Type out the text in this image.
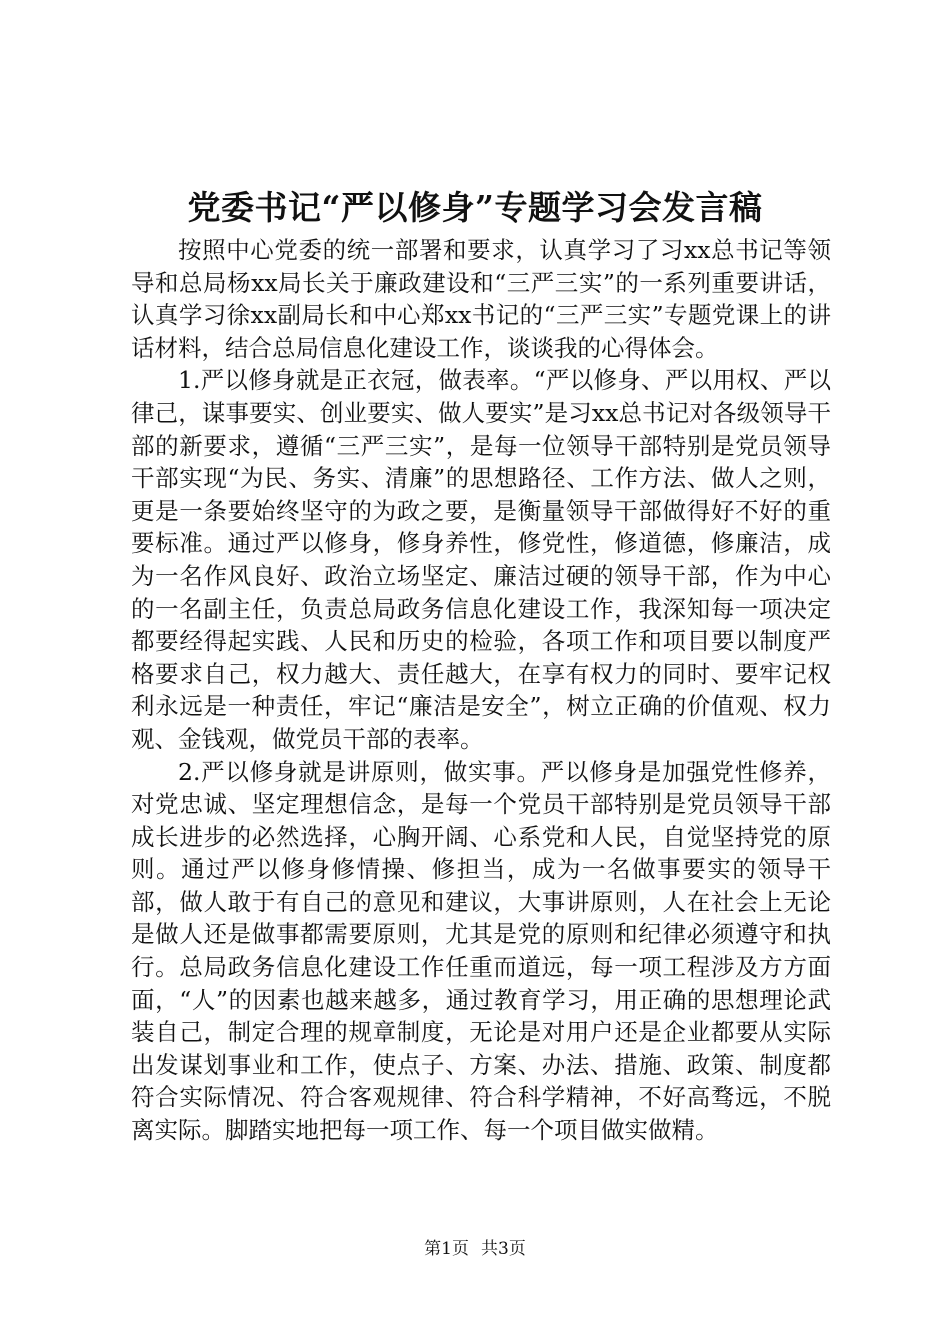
党委书记“严以修身”专题学习会发言稿

按照中心党委的统一部署和要求，认真学习了习xx总书记等领导和总局杨xx局长关于廉政建设和“三严三实”的一系列重要讲话，认真学习徐xx副局长和中心郑xx书记的“三严三实”专题党课上的讲话材料，结合总局信息化建设工作，谈谈我的心得体会。

1.严以修身就是正衣冠，做表率。“严以修身、严以用权、严以律己，谋事要实、创业要实、做人要实”是习xx总书记对各级领导干部的新要求，遵循“三严三实”，是每一位领导干部特别是党员领导干部实现“为民、务实、清廉”的思想路径、工作方法、做人之则，更是一条要始终坚守的为政之要，是衡量领导干部做得好不好的重要标准。通过严以修身，修身养性，修党性，修道德，修廉洁，成为一名作风良好、政治立场坚定、廉洁过硬的领导干部，作为中心的一名副主任，负责总局政务信息化建设工作，我深知每一项决定都要经得起实践、人民和历史的检验，各项工作和项目要以制度严格要求自己，权力越大、责任越大，在享有权力的同时、要牢记权利永远是一种责任，牢记“廉洁是安全”，树立正确的价值观、权力观、金钱观，做党员干部的表率。

2.严以修身就是讲原则，做实事。严以修身是加强党性修养，对党忠诚、坚定理想信念，是每一个党员干部特别是党员领导干部成长进步的必然选择，心胸开阔、心系党和人民，自觉坚持党的原则。通过严以修身修情操、修担当，成为一名做事要实的领导干部，做人敢于有自己的意见和建议，大事讲原则，人在社会上无论是做人还是做事都需要原则，尤其是党的原则和纪律必须遵守和执行。总局政务信息化建设工作任重而道远，每一项工程涉及方方面面，“人”的因素也越来越多，通过教育学习，用正确的思想理论武装自己，制定合理的规章制度，无论是对用户还是企业都要从实际出发谋划事业和工作，使点子、方案、办法、措施、政策、制度都符合实际情况、符合客观规律、符合科学精神，不好高骛远，不脱离实际。脚踏实地把每一项工作、每一个项目做实做精。

第1页 共3页
